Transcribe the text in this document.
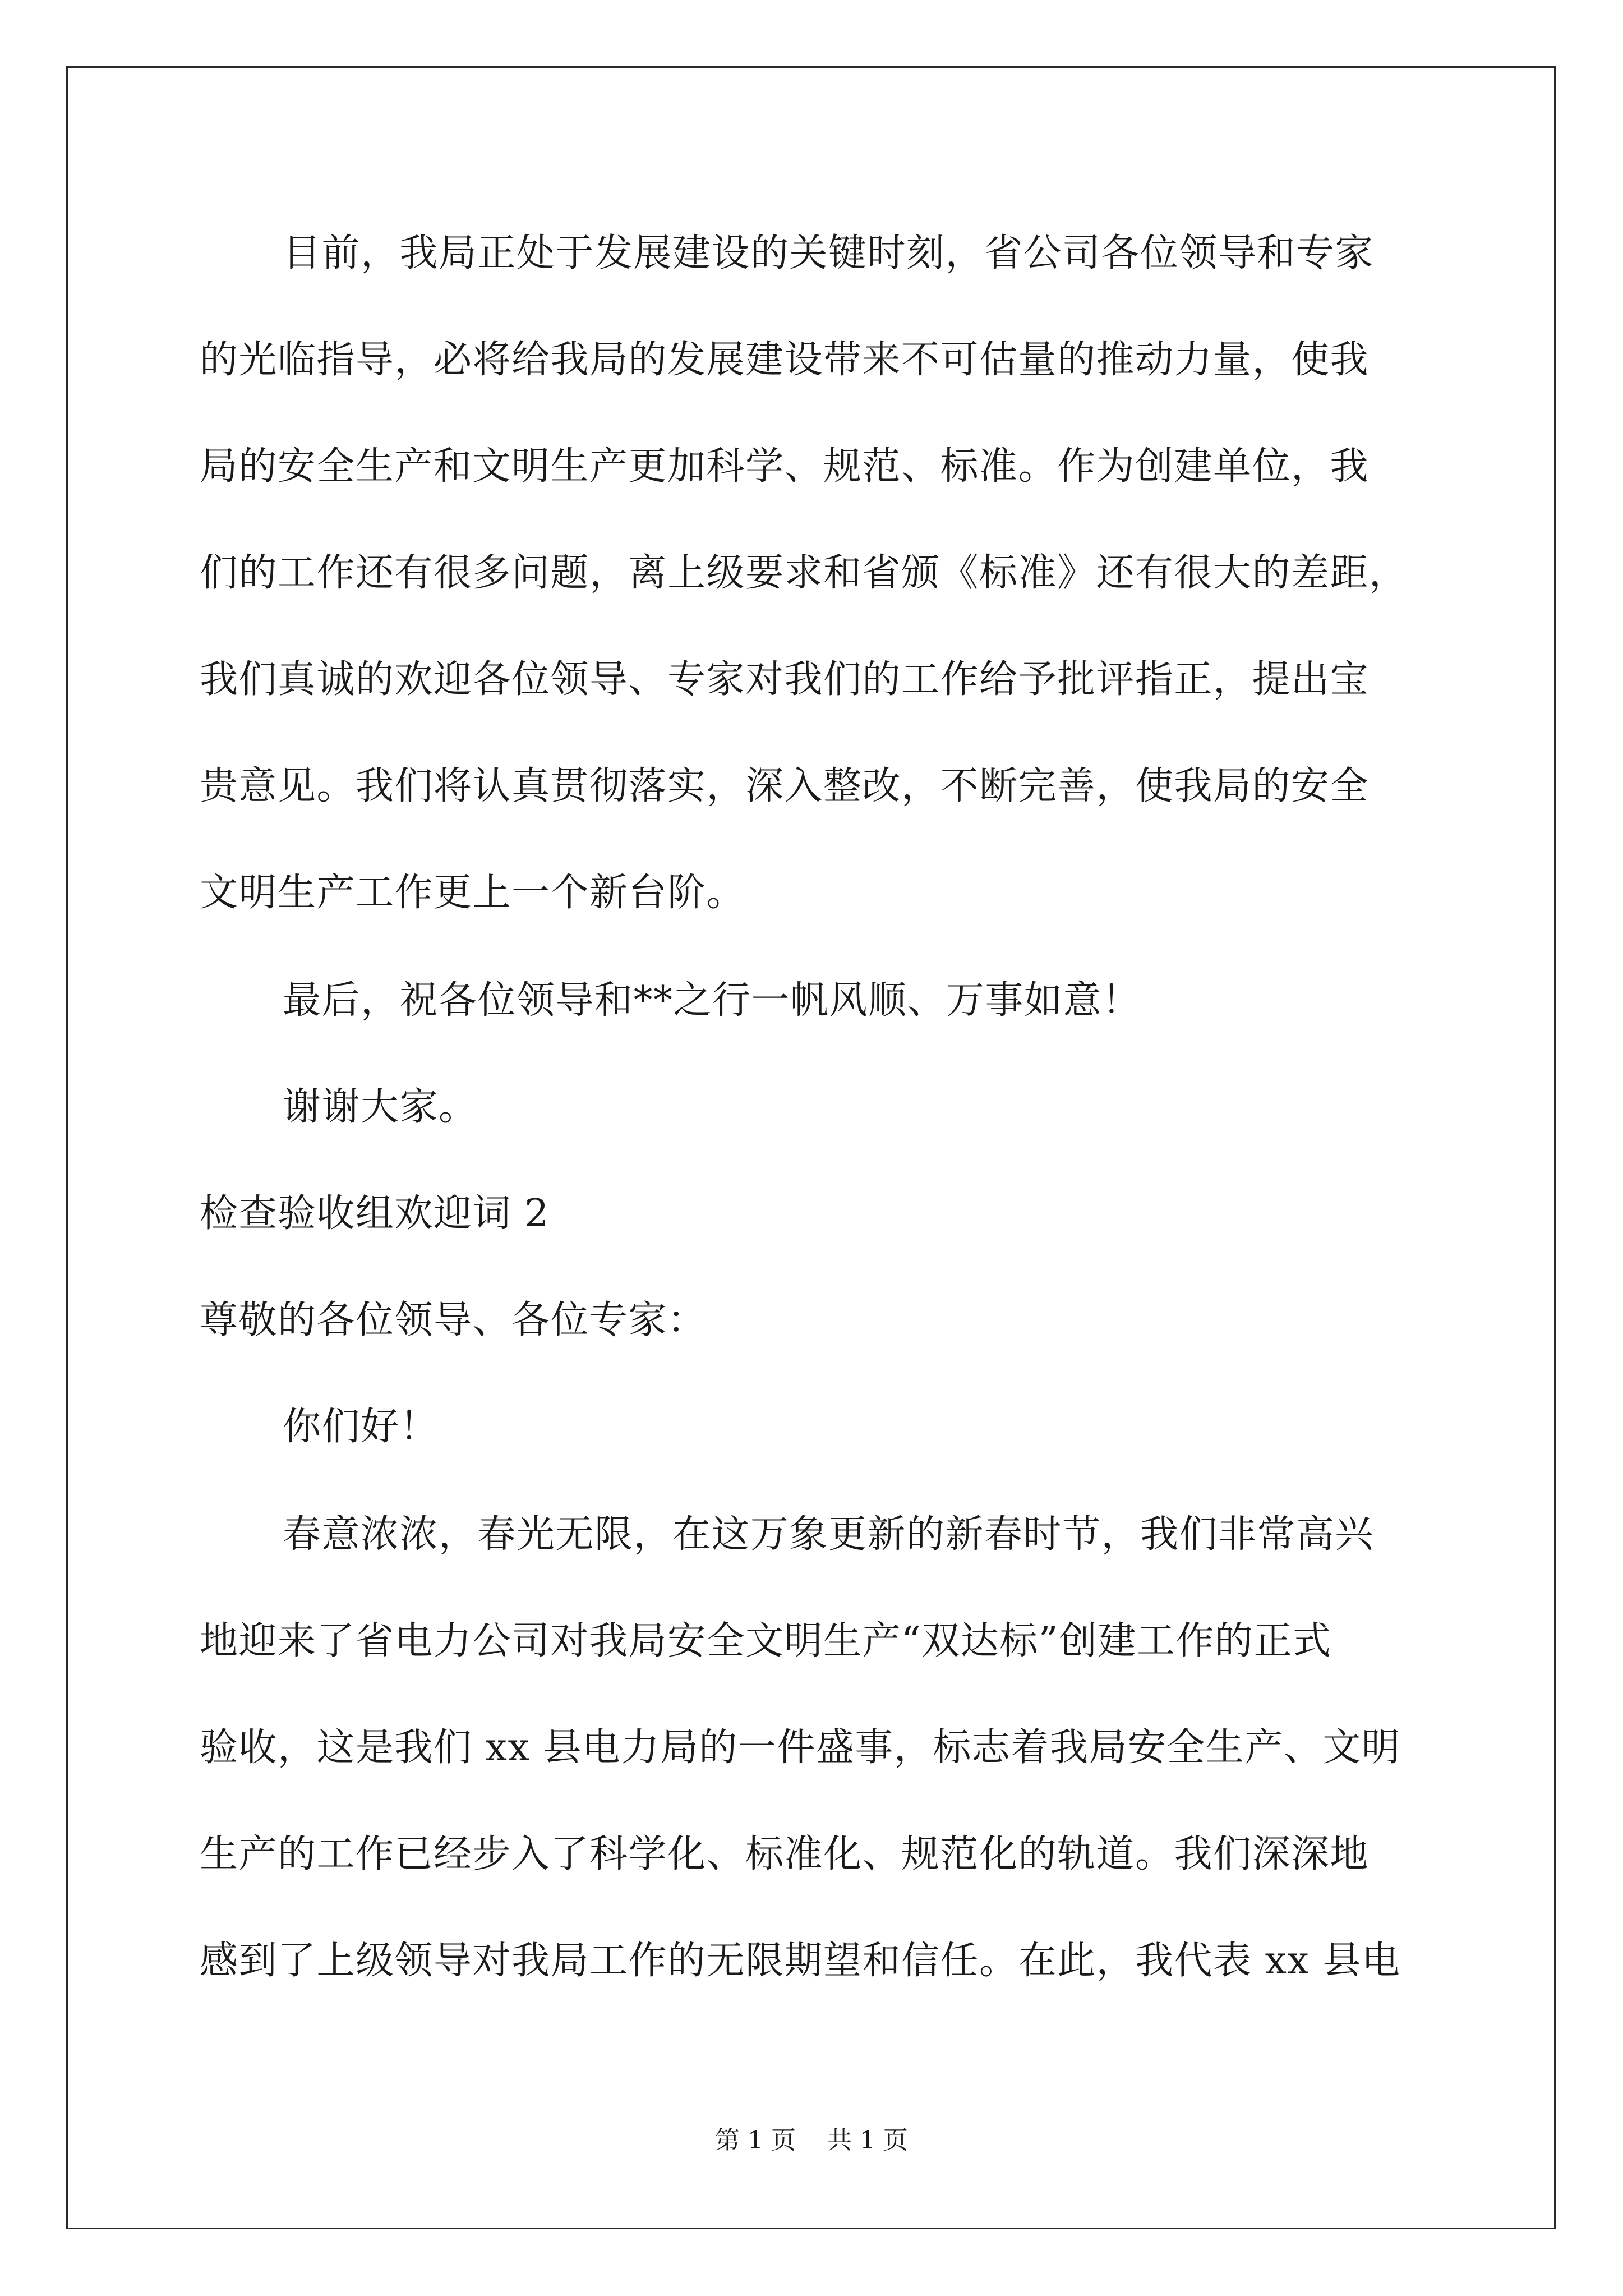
目前，我局正处于发展建设的关键时刻，省公司各位领导和专家
的光临指导，必将给我局的发展建设带来不可估量的推动力量，使我
局的安全生产和文明生产更加科学、规范、标准。作为创建单位，我
们的工作还有很多问题，离上级要求和省颁《标准》还有很大的差距，
我们真诚的欢迎各位领导、专家对我们的工作给予批评指正，提出宝
贵意见。我们将认真贯彻落实，深入整改，不断完善，使我局的安全
文明生产工作更上一个新台阶。
最后，祝各位领导和**之行一帆风顺、万事如意！
谢谢大家。
检查验收组欢迎词 2
尊敬的各位领导、各位专家：
你们好！
春意浓浓，春光无限，在这万象更新的新春时节，我们非常高兴
地迎来了省电力公司对我局安全文明生产“双达标”创建工作的正式
验收，这是我们 xx 县电力局的一件盛事，标志着我局安全生产、文明
生产的工作已经步入了科学化、标准化、规范化的轨道。我们深深地
感到了上级领导对我局工作的无限期望和信任。在此，我代表 xx 县电
第 1 页    共 1 页
